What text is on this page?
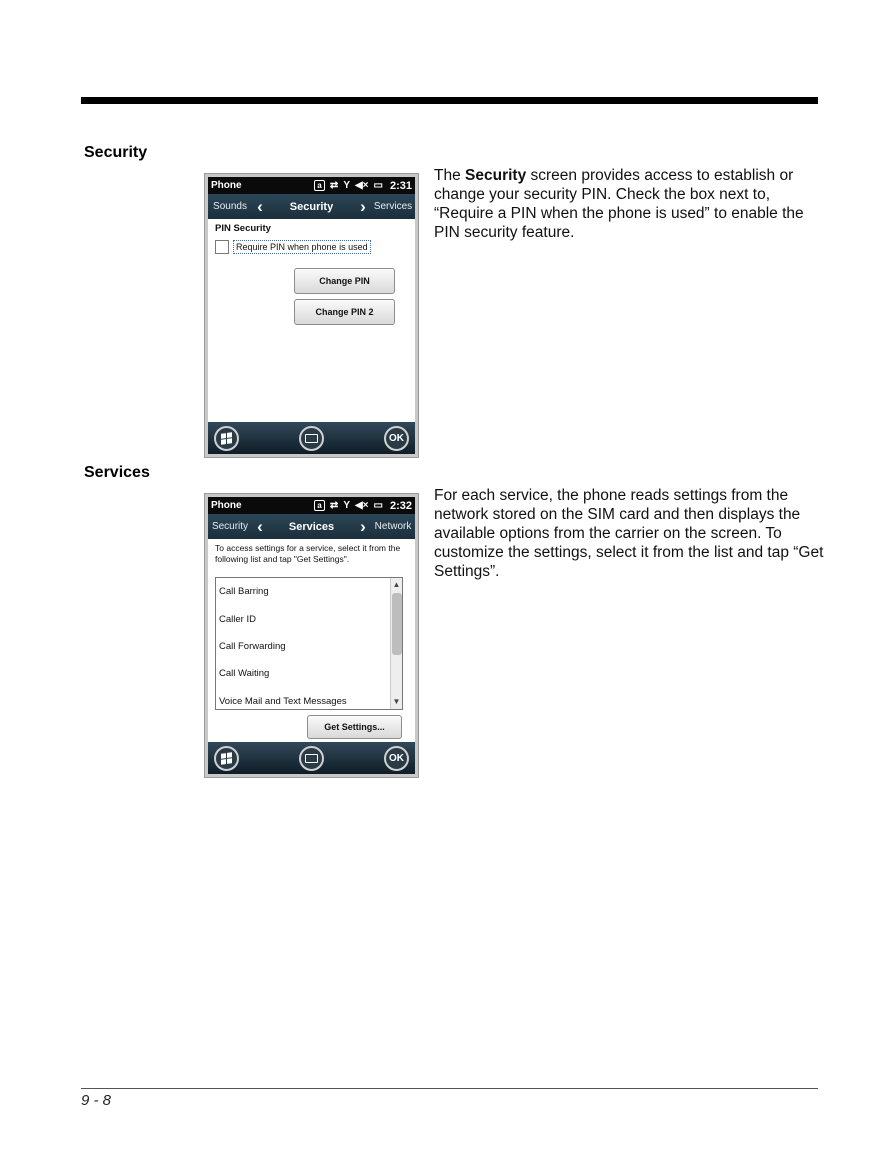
Security
Phone	a ⇄ Y ◀× ▭ 2:31
Sounds ‹	Security	› Services
PIN Security
Require PIN when phone is used
Change PIN
Change PIN 2
OK
The Security screen provides access to establish or change your security PIN. Check the box next to, “Require a PIN when the phone is used” to enable the PIN security feature.
Services
Phone	a ⇄ Y ◀× ▭ 2:32
Security ‹	Services	› Network
To access settings for a service, select it from the following list and tap "Get Settings".
Call Barring
Caller ID
Call Forwarding
Call Waiting
Voice Mail and Text Messages
▲
▼
Get Settings...
OK
For each service, the phone reads settings from the network stored on the SIM card and then displays the available options from the carrier on the screen. To customize the settings, select it from the list and tap “Get Settings”.
9 - 8
